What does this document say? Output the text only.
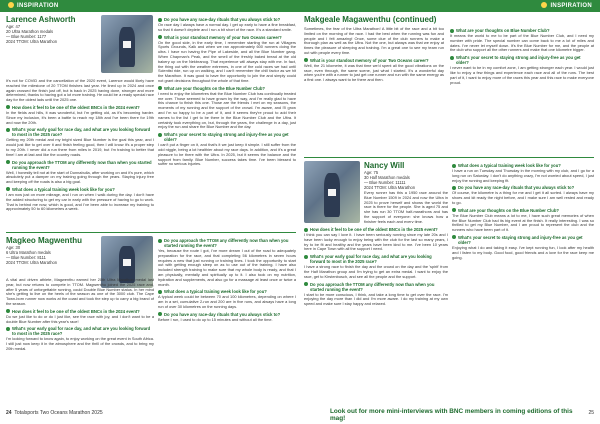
INSPIRATION	INSPIRATION
Larence Ashworth
Age: 47
20 Ultra Marathon medals
— Blue Number: 1177
2024 TTOM: Ultra Marathon
It's not for COVID and the cancellation of the 2020 event, Larence would likely have reached the milestone of 20 TTOM finishes last year. He lined up in 2024 and once again crossed the finish just off, but is back in 2025 having done, stronger and more determined, thanks to having got a lot more training. He could be a ready special race day for the oldest lads until the 2025 one.
How does it feel to be one of the oldest BNCs in the 2024 event?
In the fields and hills, it was wonderful, but I'm getting old, as it's becoming harder. Since my inclusion, it's been a battle to reach my 18th and I've been there for 19th and now the 20th.
What's your early goal for race day, and what are you looking forward to most in the 2025 race?
Getting my 20th medal and my bright sized Blue Number is the goal this year, and I would just like to get over it and finish feeling good, then I will know it's a proper step to my 20th. I never did a run there from miles in 2019, but I'm training to better that time! I am at last and like the country roads.
Do you approach the TTOM any differently now than when you started running the event?
Well, I honestly tell not at the start of Dunnabulla, after working on and it's pure, which absolutely put a damper on my training going through the years. Staying injury free and keeping off the roads is also a big goal.
What does a typical training week look like for you?
I am now just on more mileage, and I run on when I walk during the day. I don't have the added structuring to get my car in early with the pressure of having to go to work. That is behind me now, which is good, and I've been able to increase my training to approximately 50 to 60 kilometres a week.
Do you have any race-day rituals that you always stick to?
On race day I always have a normal day. I get up early to have a fine breakfast, so that it doesn't deplete and I run a bit short of the race. It's a standard smile.
What is your standout memory of your two Oceans career?
On the good side, in the early time, I remember starting the run at Villagers Sports Grounds, Kalk and when we ran approximately 600 runners doing the ultra. I have run having the Pipe of Lakeside, and all the Blue Number gang. When Chapman's Peak, and the smell of the freshly baked bread at the old bakery up on the Nekbranog. That experience will always stay with me. In fact, the thing out with the weather extremes, in one of the cold races we had until Scientist ride, run up on walking, and I can't remember the chill factor as we hit the Marathon. It was good to have the opportunity to join the and simply could not grant decisions throughout the whole of that time.
What are your thoughts on the Blue Number Club?
I need to enjoy the kilometres that the Blue Number Club has continually treated me over. Those seemed to have grown by the way, and I'm really glad to have this chance to finish this one. Those are the friends I met on my seasons, the moments of my running and the support of the crowd. I'm aware, and I'll grow and I'm so happy to be a part of it, and it seems they're proud to add their names to the list I get to be there in the Blue Number Club and the Ultra. It certainly took everything on, but, through the years, the challenge in a day, just enjoy the run and share the Blue Number and the day.
What's your secret to staying strong and injury-free as you get older?
I can't put a finger on it, and that's it we just keep it simple. I still suffer from the odd niggle, being a lot healthier about my race days. In addition, and it's a great pleasure to be there with the Ultra. In 2025, but it seems the balance and the support from family. Blue Number, success takes time. I've been blessed to suffer no serious injuries.
Magkeo Magwenthu
Age: 30
6 Ultra Marathon medals
— Blue Number: 8111
2024 TTOM: Ultra Marathon
A vital and driven athlete, Magwenthu earned her 20th Ultra Marathon medal last year, but now returns to compete in TTOM. Magwenthu joined the 2025 race and, after 5 years of unforgettable running, could Double Blue Number status. In her mind she's getting to live on the heels of the season as one of the 3000 club. The Cape Town-born runner now works at the coast and took the step up to carry a big brand of the season.
How does it feel to be one of the oldest BNCs in the 2024 event?
Do we just like to do or do I just like, see the race with joy, and I don't want to be a double Blue Number after this year's race!
What's your early goal for race day, and what are you looking forward to most in the 2025 race?
I'm looking forward to know again, to enjoy working on the great event in South Africa. I still just now keep it in the atmosphere and the thrill of the crowds, and to bring my 20th medal.
Do you approach the TTOM any differently now than when you started running the event?
Yes, because the route I got, I've more dream I out of the road to adequately preparation for the race, and that completing 56 kilometres in seven hours requires a new that just running or training lines. I took the opportunity to start out with getting enough sleep on as to use out of the training. I have also included strength training to make sure that my whole body is ready, and that I am physically, mentally and spiritually up to it. I also took on my nutrition, hydration and supplements, and also go for a massage at least once or twice a month.
What does a typical training week look like for you?
A typical week could be between 70 and 100 kilometres, depending on where I am in a set, cumulative 2-run and 200 are in five runs, and always have a long run of over 30 kilometres on the running days.
Do you have any race-day rituals that you always stick to?
Before I run, I used to do up to 15 minutes and without all the time.
Makgeale Magawenthu (continued)
Sometimes, the fear of the Ultra Marathon! A little bit of the race and a bit too limited on the morning of the race. I had the best when the running was fun and people and I felt amazing! Once, some clue of the club runners to make a thorough plan as well as the Ultra. Not the one, but always was that we enjoy at times the pleasure of sleeping and training. I'm a great one to see my team run out with people every time.
What is your standout memory of your Two Oceans career?
Well, the 21 kilometre, it was that time we'd spent all the good vibrations on the race, even through, the same scene, just what I started. It's a wonderful day when you're with a runner to just get one runner and run with the same energy as a first one. I always want to be there and then.
What are your thoughts on Blue Number Club?
It means the world to me to be part of the Blue Number Club, and I need my number with pride. The special number can come back to me a lot of miles and dates. I've never let myself down. It's the Blue Number for me, and the people at the club who support all the other runners and make that one kilometre bigger.
What's your secret to staying strong and injury-free as you get older?
I never want to be in my comfort zone, I am getting stronger each year. I would just like to enjoy a few things and experience each race and all of the runs. The best part of it, I want to enjoy more of the races this year and this race to make everyone proud.
Nancy Will
Age: 75
30 Half Marathon medals
— Blue Number: 11111
2024 TTOM: Ultra Marathon
Every runner has this a 1950 race around the Blue Number 1509 in 2024 and now the Ultra in 2025 to prove herself and shows the world the race is there for the people. She is aged 75 and she has run 30 TTOM half-marathons and has the support of everyone: she knows how a finisher feels each and every time.
How does it feel to be one of the oldest BNCs in the 2025 event?
I think you can say I love it. I have been seriously running since my late 20s and I have been lucky enough to enjoy being with the club for the last so many years, I try to be fit and healthy and the years have been kind to me. I've been 10 years here in Cape Town with all the support I need.
What's your early goal for race day, and what are you looking forward to most in the 2025 race?
I have a strong race to finish the day and the crowd on the day and the 'spirit' from the Half Marathon group and I'm trying to get an extra medal. I want to enjoy the race, get to Kirstenbosch, and see all the people and the support.
Do you approach the TTOM any differently now than when you started running the event?
I start to be more conscious, I think, and take a long time to get over the race. I'm enjoying the day more than I did and I'm more aware. I do my training at my own speed and make sure I stay happy and relaxed.
What does a typical training week look like for you?
I have a run on Tuesday and Thursday in the morning with my club, and I go for a long run on Saturday. I don't do anything crazy, I'm not worried about speed, I just enjoy the running and keeping fit.
Do you have any race-day rituals that you always stick to?
Of course, the kilometre is a thing for me and I get it all sorted. I always have my shoes and kit ready the night before, and I make sure I am well rested and ready to go.
What are your thoughts on the Blue Number Club?
The Blue Number Club means a lot to me, I have such great memories of when the Blue Number Club had its big event at the finish. It really interesting. I was so thrilled to get my Blue Number, and I am proud to represent the club and the runners who have been part of it.
What's your secret to staying strong and injury-free as you get older?
Enjoying what I do and taking it easy. I've kept running fun, I look after my health and I listen to my body. Good food, good friends and a love for the race keep me going.
24 Totalsports Two Oceans Marathon 2025	Look out for more mini-interviews with BNC members in coming editions of this mag!
25
